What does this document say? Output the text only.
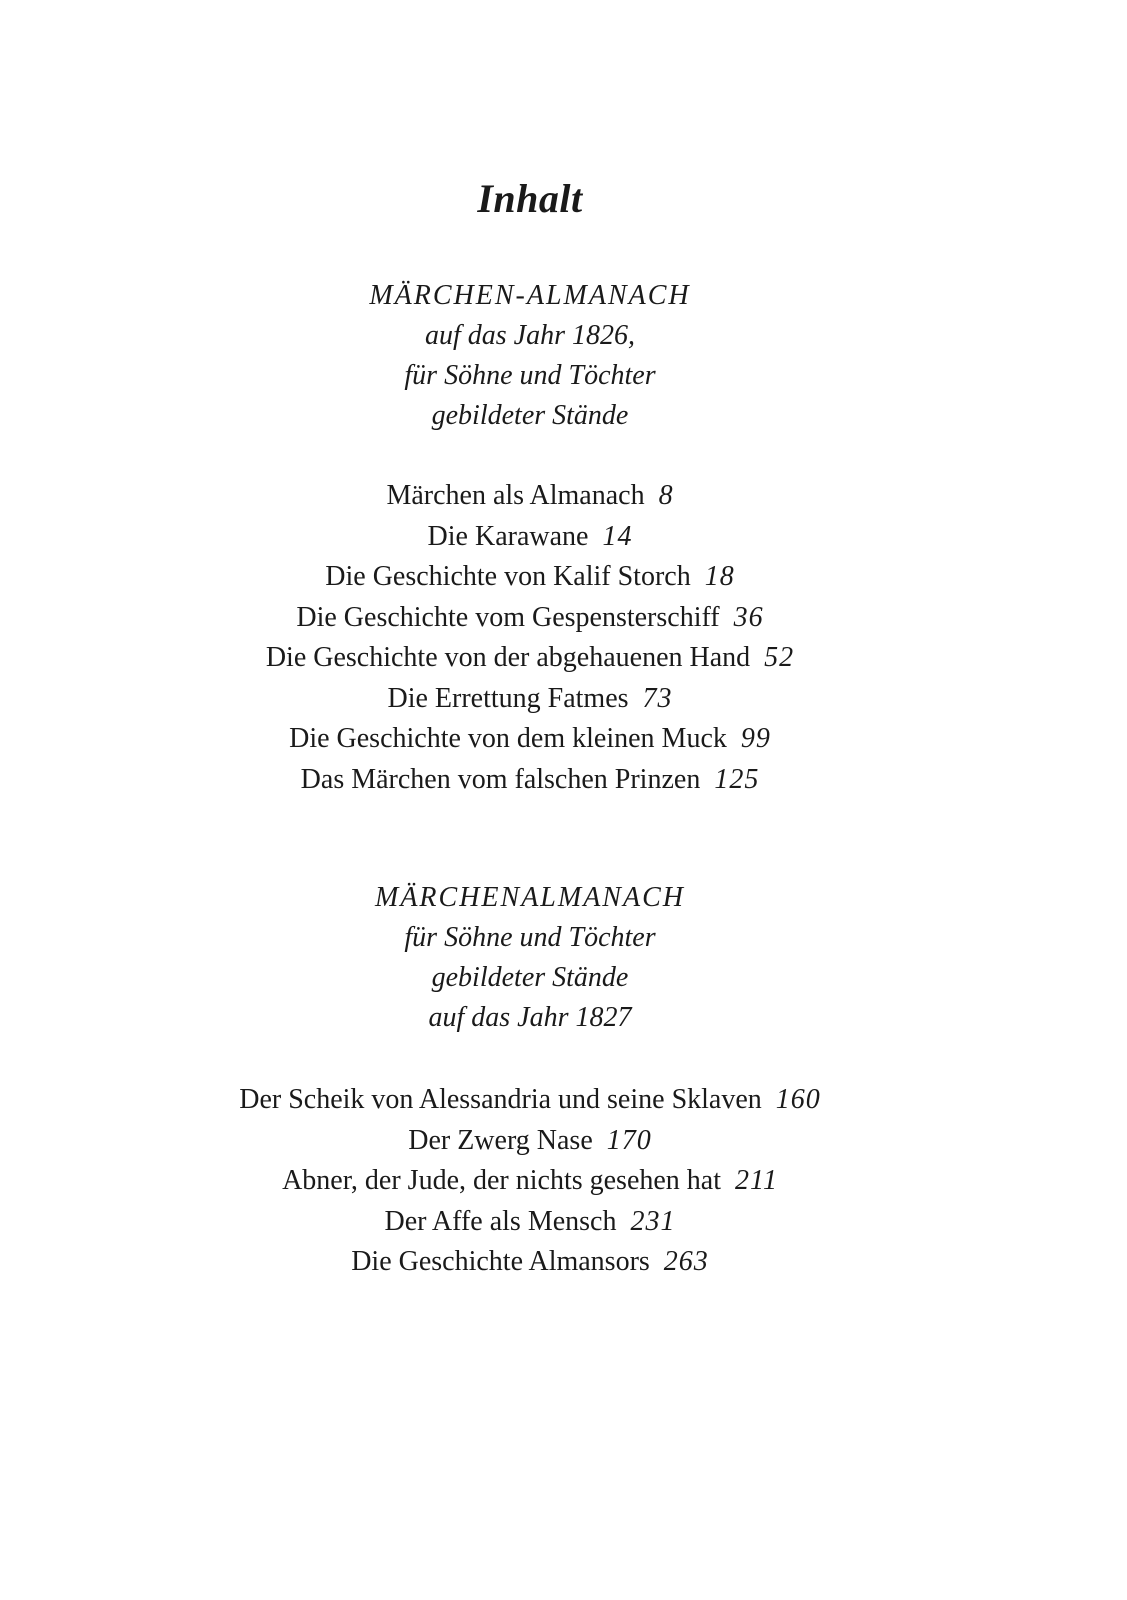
Inhalt
MÄRCHEN-ALMANACH
auf das Jahr 1826,
für Söhne und Töchter
gebildeter Stände
Märchen als Almanach 8
Die Karawane 14
Die Geschichte von Kalif Storch 18
Die Geschichte vom Gespensterschiff 36
Die Geschichte von der abgehauenen Hand 52
Die Errettung Fatmes 73
Die Geschichte von dem kleinen Muck 99
Das Märchen vom falschen Prinzen 125
MÄRCHENALMANACH
für Söhne und Töchter
gebildeter Stände
auf das Jahr 1827
Der Scheik von Alessandria und seine Sklaven 160
Der Zwerg Nase 170
Abner, der Jude, der nichts gesehen hat 211
Der Affe als Mensch 231
Die Geschichte Almansors 263
